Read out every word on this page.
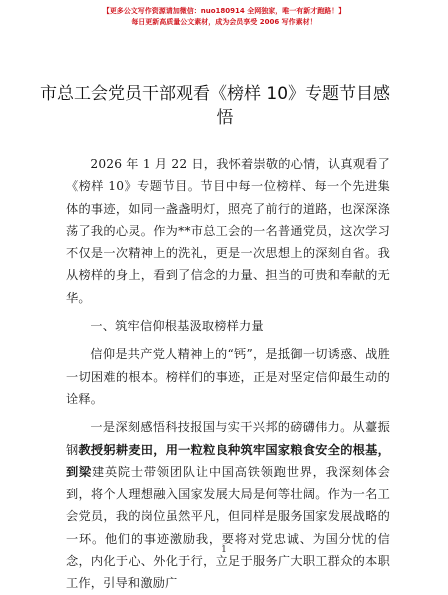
【更多公文写作资源请加微信：nuo180914 全网独家，唯一有新才跑路！】
每日更新高质量公文素材，成为会员享受 2006 写作素材！
市总工会党员干部观看《榜样 10》专题节目感
悟

2026 年 1 月 22 日，我怀着崇敬的心情，认真观看了《榜样 10》专题节目。节目中每一位榜样、每一个先进集体的事迹，如同一盏盏明灯，照亮了前行的道路，也深深涤荡了我的心灵。作为**市总工会的一名普通党员，这次学习不仅是一次精神上的洗礼，更是一次思想上的深刻自省。我从榜样的身上，看到了信念的力量、担当的可贵和奉献的无华。

一、筑牢信仰根基汲取榜样力量

信仰是共产党人精神上的“钙”，是抵御一切诱惑、战胜一切困难的根本。榜样们的事迹，正是对坚定信仰最生动的诠释。

一是深刻感悟科技报国与实干兴邦的磅礴伟力。从薹振钢教授躬耕麦田，用一粒粒良种筑牢国家粮食安全的根基，到梁建英院士带领团队让中国高铁领跑世界，我深刻体会到，将个人理想融入国家发展大局是何等壮阔。作为一名工会党员，我的岗位虽然平凡，但同样是服务国家发展战略的一环。他们的事迹激励我，要将对党忠诚、为国分忧的信念，内化于心、外化于行，立足于服务广大职工群众的本职工作，引导和激励广

1
